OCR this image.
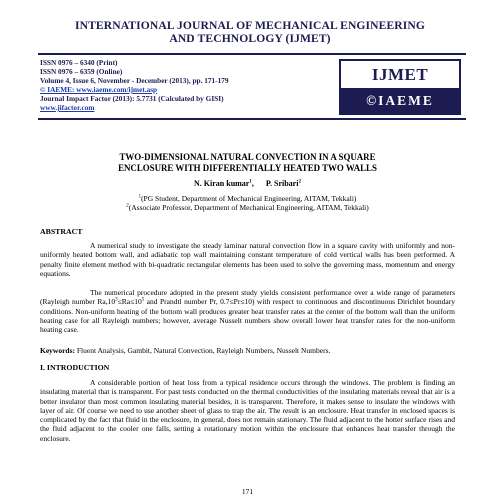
INTERNATIONAL JOURNAL OF MECHANICAL ENGINEERING
AND TECHNOLOGY (IJMET)
ISSN 0976 – 6340 (Print)
ISSN 0976 – 6359 (Online)
Volume 4, Issue 6, November - December (2013), pp. 171-179
© IAEME: www.iaeme.com/ijmet.asp
Journal Impact Factor (2013): 5.7731 (Calculated by GISI)
www.jifactor.com
IJMET
©IAEME
TWO-DIMENSIONAL NATURAL CONVECTION IN A SQUARE
ENCLOSURE WITH DIFFERENTIALLY HEATED TWO WALLS
N. Kiran kumar$^1$,      P. Sribari$^2$
$^1$(PG Student, Department of Mechanical Engineering, AITAM, Tekkali)
$^2$(Associate Professor, Department of Mechanical Engineering, AITAM, Tekkali)
ABSTRACT
A numerical study to investigate the steady laminar natural convection flow in a square cavity with uniformly and non-uniformly heated bottom wall, and adiabatic top wall maintaining constant temperature of cold vertical walls has been performed. A penalty finite element method with bi-quadratic rectangular elements has been used to solve the governing mass, momentum and energy equations.
The numerical procedure adopted in the present study yields consistent performance over a wide range of parameters (Rayleigh number $Ra,10^3\le Ra\le 10^5$ and Prandtl number Pr, 0.7≤Pr≤10) with respect to continuous and discontinuous Dirichlet boundary conditions. Non-uniform heating of the bottom wall produces greater heat transfer rates at the center of the bottom wall than the uniform heating case for all Rayleigh numbers; however, average Nusselt numbers show overall lower heat transfer rates for the non-uniform heating case.
Keywords: Fluent Analysis, Gambit, Natural Convection, Rayleigh Numbers, Nusselt Numbers.
I. INTRODUCTION
A considerable portion of heat loss from a typical residence occurs through the windows. The problem is finding an insulating material that is transparent. For past tests conducted on the thermal conductivities of the insulating materials reveal that air is a better insulator than most common insulating material besides, it is transparent. Therefore, it makes sense to insulate the windows with layer of air. Of course we need to use another sheet of glass to trap the air. The result is an enclosure. Heat transfer in enclosed spaces is complicated by the fact that fluid in the enclosure, in general, does not remain stationary. The fluid adjacent to the hotter surface rises and the fluid adjacent to the cooler one falls, setting a rotationary motion within the enclosure that enhances heat transfer through the enclosure.
171
